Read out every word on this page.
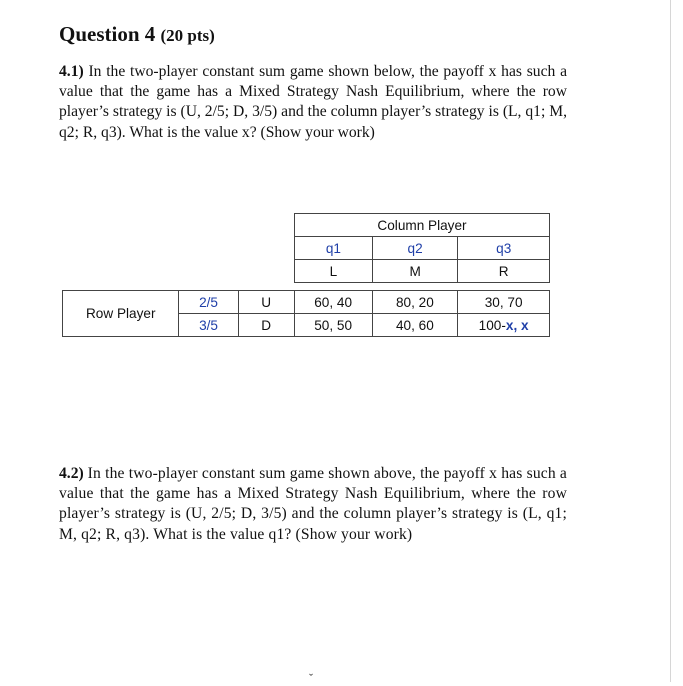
Question 4 (20 pts)

4.1) In the two-player constant sum game shown below, the payoff x has such a value that the game has a Mixed Strategy Nash Equilibrium, where the row player’s strategy is (U, 2/5; D, 3/5) and the column player’s strategy is (L, q1; M, q2; R, q3). What is the value x? (Show your work)

Column Player		
q1	q2	q3
L	M	R
Row Player	2/5	U	60, 40	80, 20	30, 70
	3/5	D	50, 50	40, 60	100-x, x

4.2) In the two-player constant sum game shown above, the payoff x has such a value that the game has a Mixed Strategy Nash Equilibrium, where the row player’s strategy is (U, 2/5; D, 3/5) and the column player’s strategy is (L, q1; M, q2; R, q3). What is the value q1? (Show your work)

ˇ
